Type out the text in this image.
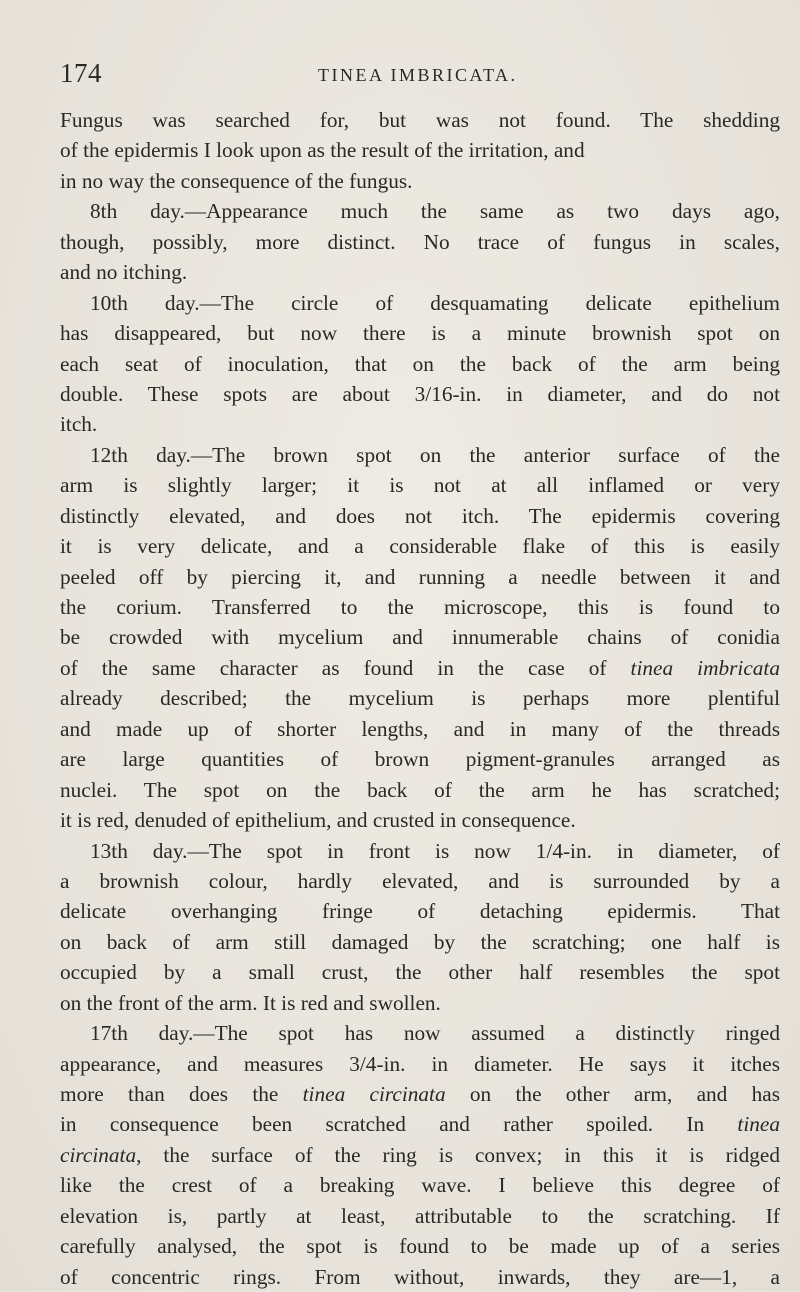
174	TINEA IMBRICATA.
Fungus was searched for, but was not found. The shedding
of the epidermis I look upon as the result of the irritation, and
in no way the consequence of the fungus.
8th day.—Appearance much the same as two days ago,
though, possibly, more distinct. No trace of fungus in scales,
and no itching.
10th day.—The circle of desquamating delicate epithelium
has disappeared, but now there is a minute brownish spot on
each seat of inoculation, that on the back of the arm being
double. These spots are about 3/16-in. in diameter, and do not
itch.
12th day.—The brown spot on the anterior surface of the
arm is slightly larger; it is not at all inflamed or very
distinctly elevated, and does not itch. The epidermis covering
it is very delicate, and a considerable flake of this is easily
peeled off by piercing it, and running a needle between it and
the corium. Transferred to the microscope, this is found to
be crowded with mycelium and innumerable chains of conidia
of the same character as found in the case of tinea imbricata
already described; the mycelium is perhaps more plentiful
and made up of shorter lengths, and in many of the threads
are large quantities of brown pigment-granules arranged as
nuclei. The spot on the back of the arm he has scratched;
it is red, denuded of epithelium, and crusted in consequence.
13th day.—The spot in front is now 1/4-in. in diameter, of
a brownish colour, hardly elevated, and is surrounded by a
delicate overhanging fringe of detaching epidermis. That
on back of arm still damaged by the scratching; one half is
occupied by a small crust, the other half resembles the spot
on the front of the arm. It is red and swollen.
17th day.—The spot has now assumed a distinctly ringed
appearance, and measures 3/4-in. in diameter. He says it itches
more than does the tinea circinata on the other arm, and has
in consequence been scratched and rather spoiled. In tinea
circinata, the surface of the ring is convex; in this it is ridged
like the crest of a breaking wave. I believe this degree of
elevation is, partly at least, attributable to the scratching. If
carefully analysed, the spot is found to be made up of a series
of concentric rings. From without, inwards, they are—1, a
